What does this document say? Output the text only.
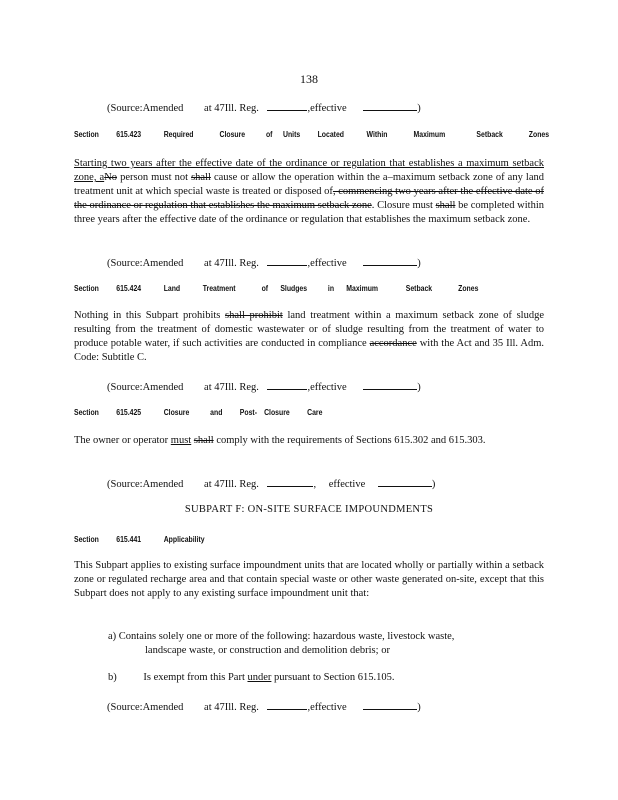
138
(Source:Amended at 47Ill. Reg.	,effective	)
Section 615.423	Required	Closure	of Units Located	Within	Maximum	Setback	Zones
Starting two years after the effective date of the ordinance or regulation that establishes a maximum setback zone, aNo person must not shall cause or allow the operation within the a–maximum setback zone of any land treatment unit at which special waste is treated or disposed of, commencing two years after the effective date of the ordinance or regulation that establishes the maximum setback zone. Closure must shall be completed within three years after the effective date of the ordinance or regulation that establishes the maximum setback zone.
(Source:Amended at 47Ill. Reg.	,effective	)
Section 615.424	Land	Treatment	of Sludges	in Maximum	Setback	Zones
Nothing in this Subpart prohibits shall prohibit land treatment within a maximum setback zone of sludge resulting from the treatment of domestic wastewater or of sludge resulting from the treatment of water to produce potable water, if such activities are conducted in compliance accordance with the Act and 35 Ill. Adm. Code: Subtitle C.
(Source:Amended at 47Ill. Reg.	,effective	)
Section 615.425	Closure	and Post- Closure Care
The owner or operator must shall comply with the requirements of Sections 615.302 and 615.303.
(Source:Amended at 47Ill. Reg.	, effective	)
SUBPART F: ON-SITE SURFACE IMPOUNDMENTS
Section 615.441	Applicability
This Subpart applies to existing surface impoundment units that are located wholly or partially within a setback zone or regulated recharge area and that contain special waste or other waste generated on-site, except that this Subpart does not apply to any existing surface impoundment unit that:
a) Contains solely one or more of the following: hazardous waste, livestock waste,
landscape waste, or construction and demolition debris; or
b)	Is exempt from this Part under pursuant to Section 615.105.
(Source:Amended at 47Ill. Reg.	,effective	)
